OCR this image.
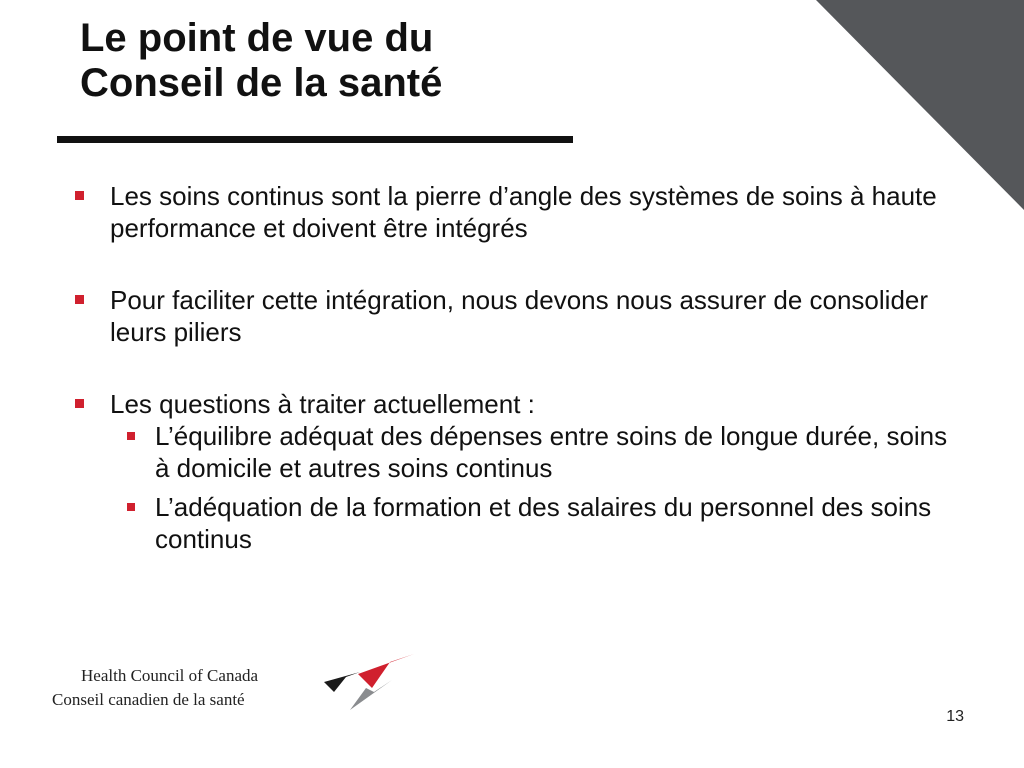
Le point de vue du
Conseil de la santé
Les soins continus sont la pierre d’angle des systèmes de soins à haute performance et doivent être intégrés
Pour faciliter cette intégration, nous devons nous assurer de consolider leurs piliers
Les questions à traiter actuellement :
L’équilibre adéquat des dépenses entre soins de longue durée, soins à domicile et autres soins continus
L’adéquation de la formation et des salaires du personnel des soins continus
Health Council of Canada
Conseil canadien de la santé
13
